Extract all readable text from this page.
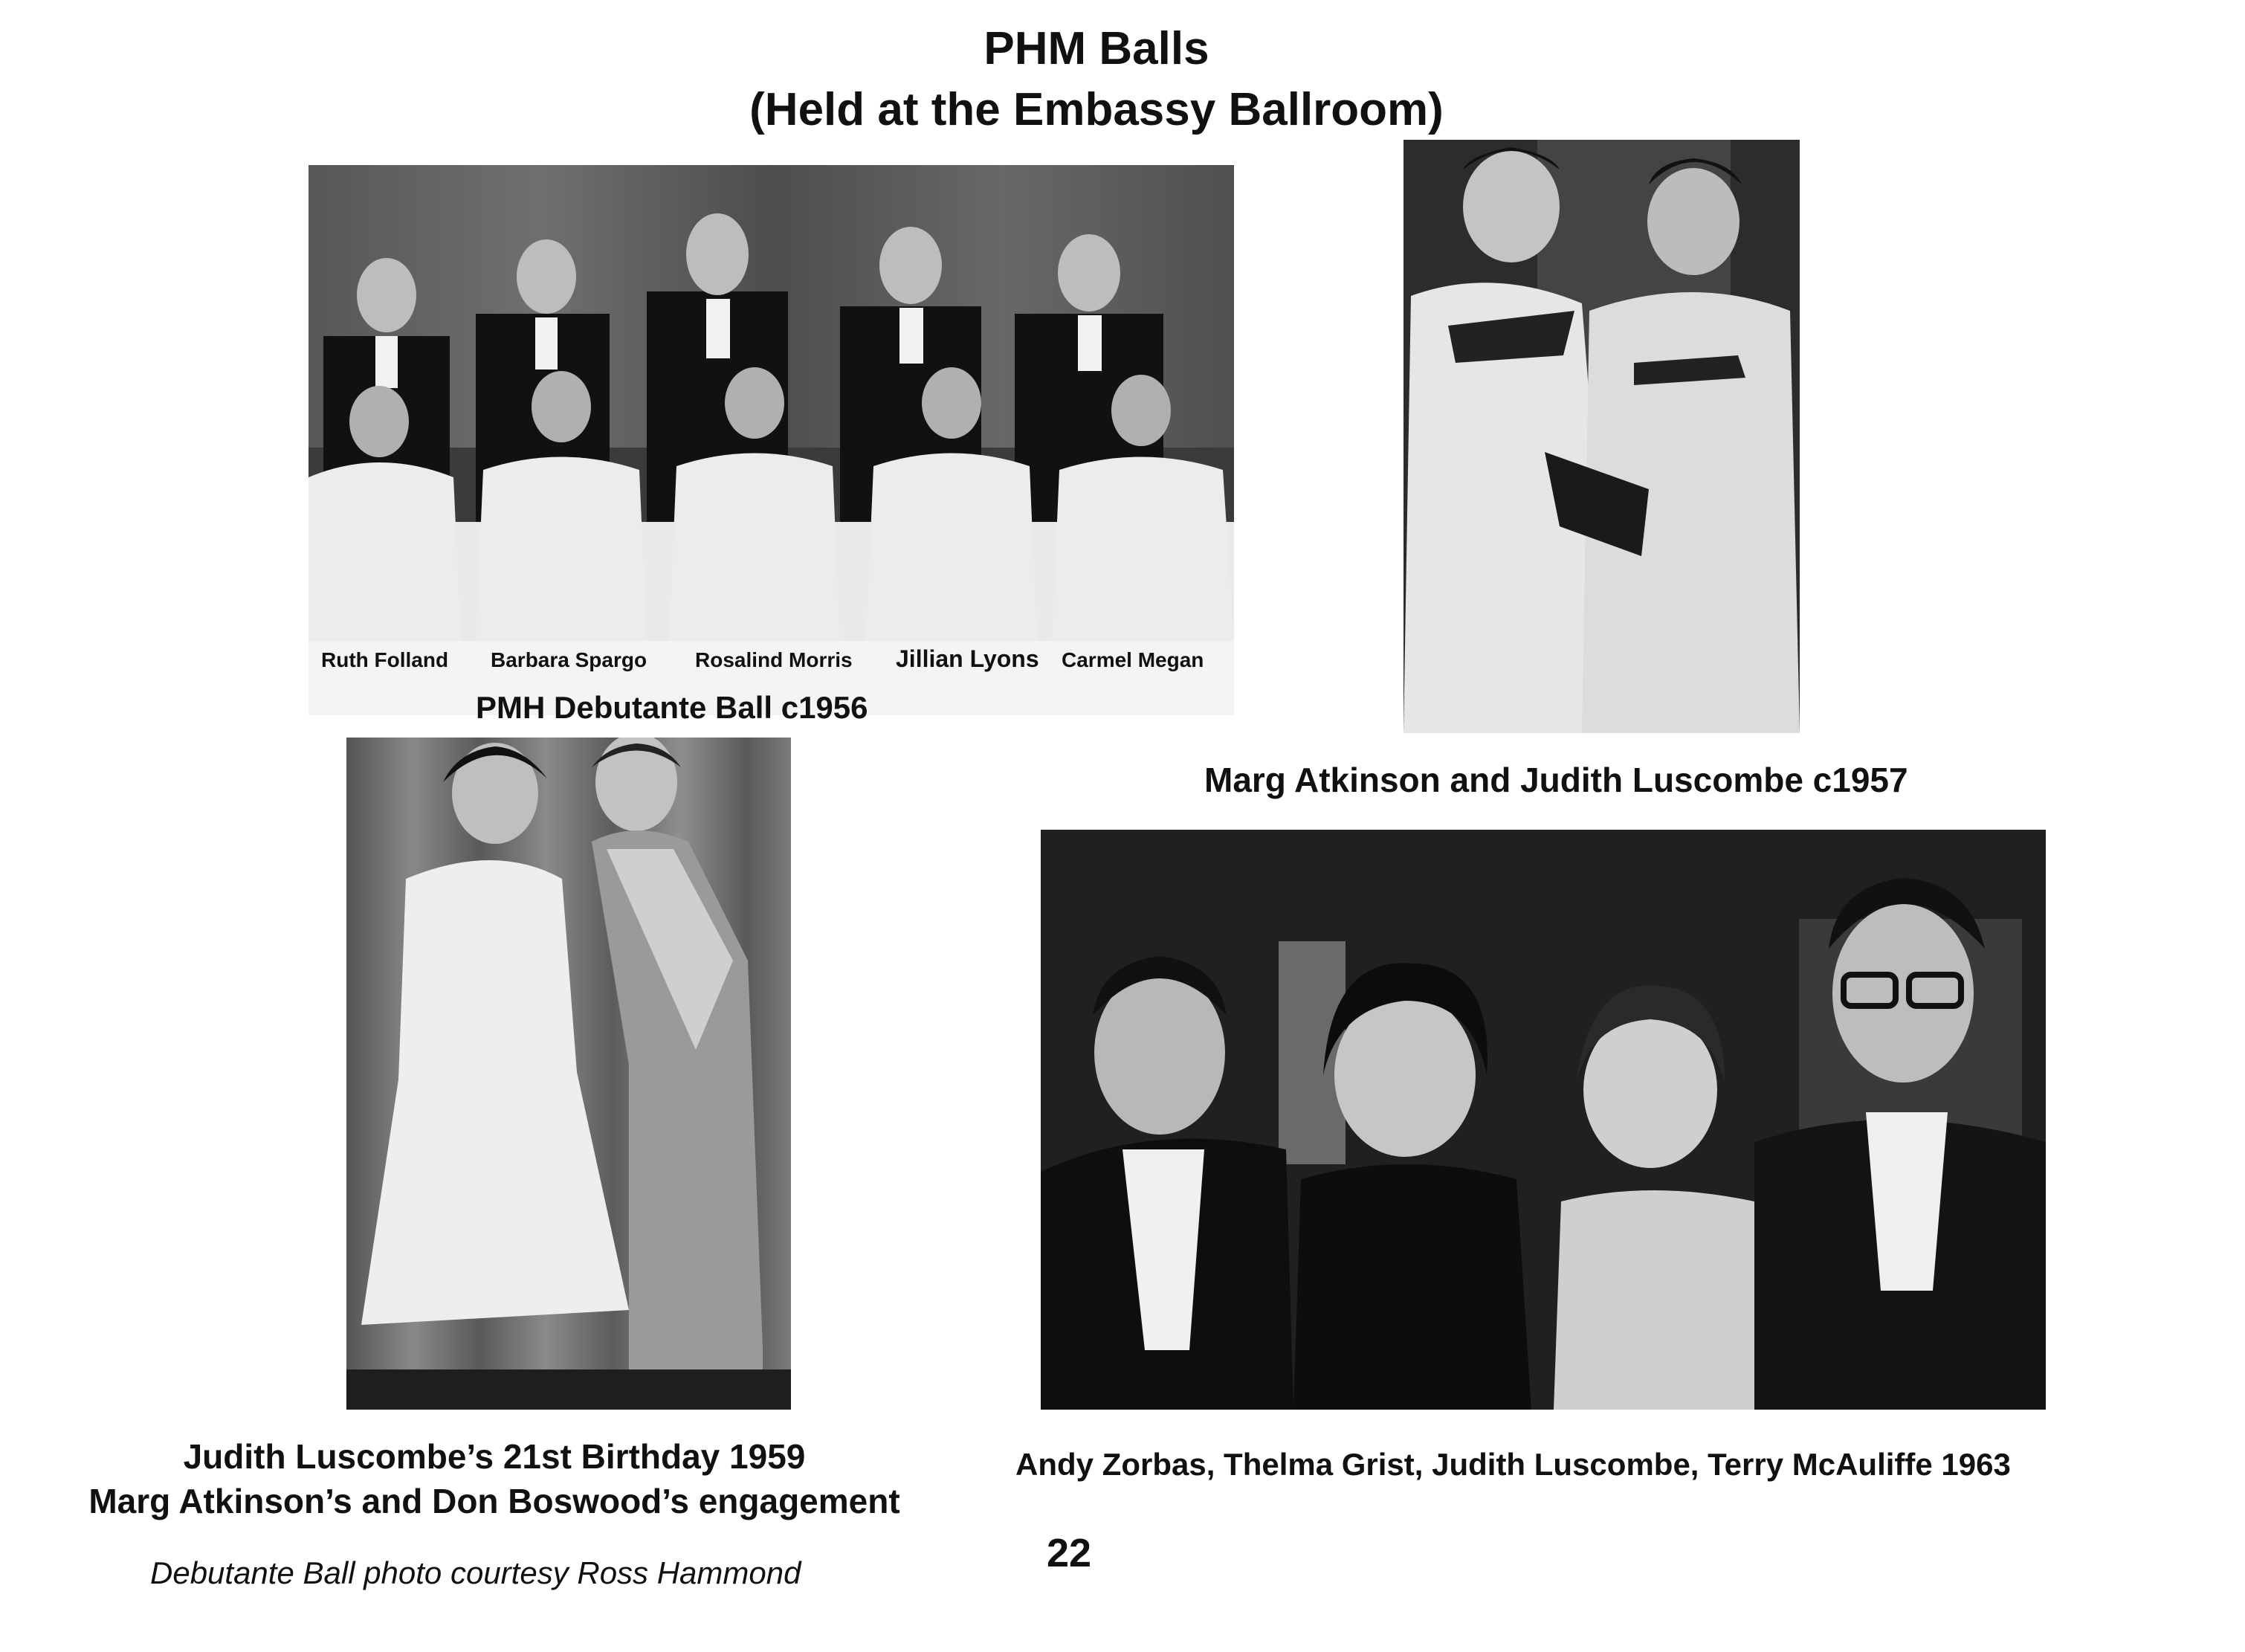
PHM Balls
(Held at the Embassy Ballroom)
Ruth Folland Barbara Spargo Rosalind Morris Jillian Lyons Carmel Megan
PMH Debutante Ball c1956
Marg Atkinson and Judith Luscombe c1957
Judith Luscombe’s 21st Birthday 1959
Marg Atkinson’s and Don Boswood’s engagement
Andy Zorbas, Thelma Grist, Judith Luscombe, Terry McAuliffe 1963
Debutante Ball photo courtesy Ross Hammond	22
